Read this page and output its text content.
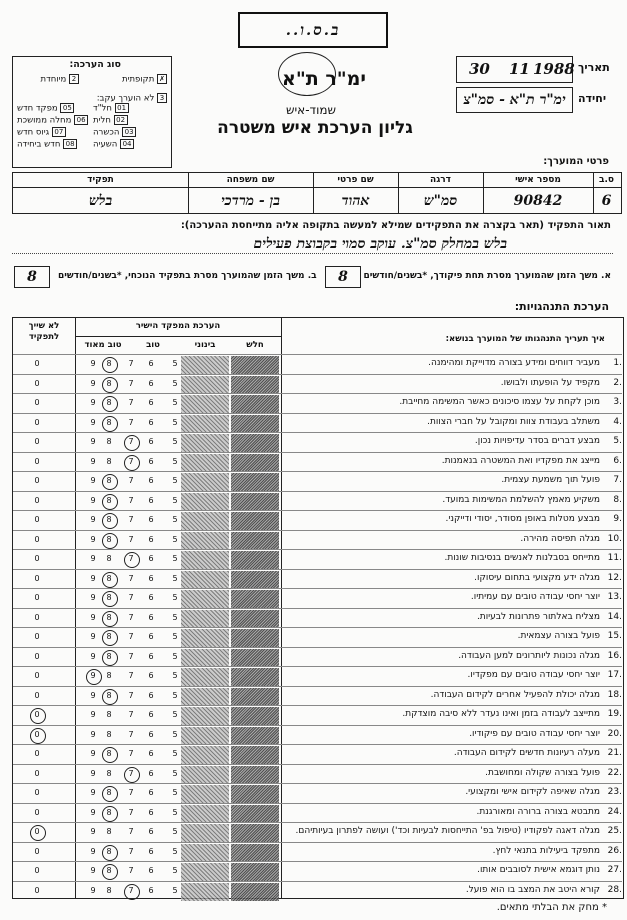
..ב.ס.ו
ימ"ר ת"א
שמוד-איש
תאריך
30 11 1988
יחידה
ימ"ר ת"א - סמ"צ
סוג הערכה:
✗ תקופתית
2 מיוחדת
3 לא הוערך עקב:
01 חל"ד
02 חלית
03 הכשרה
04 השעיה
05 מפקד חדש
06 מחלה ממושכת
07 גיוס חדש
08 חדש ביחידה
גליון הערכת איש משטרה
פרטי המוערך:
ס.ב
6
מספר אישי
90842
דרגה
סמ"ש
שם פרטי
אהוד
שם משפחה
בן - מרדכי
תפקיד
בלש
תאור התפקיד (תאר בקצרה את התפקידים שמילא למעשה בתקופה אליה מתייחסת ההערכה):
בלש במחלק סמ"צ. עוקב סמוי בקבוצת פעילים
א. משך הזמן שהמוערך מסרת תחת פיקודך, *בשנים/חודשים
8
ב. משך הזמן שהמוערך מסרת בתפקיד הנוכחי, *בשנים/חודשים
8
הערכת התנהגויות:
הערכת המפקד הישיר
לא שייך לתפקיד
טוב מאוד	טוב	בינוני	חלש
איך תעריך התנהגותו של המוערך בנושא:
1.
מעביר דווחים ומידע בצורה מדוייקת ומהימנה.
9	8	7	6	5
0
2.
מקפיד על הופעתו ולבושו.
9	8	7	6	5
0
3.
מוכן לקחת על עצמו סיכונים כאשר המשימה מחייבת.
9	8	7	6	5
0
4.
משתלב בעבודת צוות ומקובל על חברי הצוות.
9	8	7	6	5
0
5.
מבצע דברים בסדר עדיפויות נכון.
9	8	7	6	5
0
6.
מייצג את מפקדיו ואת המשטרה בנאמנות.
9	8	7	6	5
0
7.
פועל תוך משמעת עצמית.
9	8	7	6	5
0
8.
משקיע מאמץ להשלמת המשימות במועד.
9	8	7	6	5
0
9.
מבצע מטלות באופן מסודר, יסודי ודייקני.
9	8	7	6	5
0
10.
מגלה תפיסה מהירה.
9	8	7	6	5
0
11.
מתייחס בסבלנות לאנשים בנסיבות שונות.
9	8	7	6	5
0
12.
מגלה ידע מקצועי בתחום עיסוקו.
9	8	7	6	5
0
13.
יוצר יחסי עבודה טובים עם עמיתיו.
9	8	7	6	5
0
14.
מצליח באלתור פתרונות לבעיות.
9	8	7	6	5
0
15.
פועל בצורה עצמאית.
9	8	7	6	5
0
16.
מגלה נכונות ליותרונים למען העבודה.
9	8	7	6	5
0
17.
יוצר יחסי עבודה טובים עם מפקדיו.
9	8	7	6	5
0
18.
מגלה יכולת להפעיל אחרים לקידום העבודה.
9	8	7	6	5
0
19.
מתייצב לעבודה בזמן ואינו נעדר ללא סיבה מוצדקת.
9	8	7	6	5
0
20.
יוצר יחסי עבודה טובים עם פיקודיו.
9	8	7	6	5
0
21.
מעלה רעיונות חדשים לקידום העבודה.
9	8	7	6	5
0
22.
פועל בצורה שקולה ומחושבת.
9	8	7	6	5
0
23.
מגלה שאיפה לקידום אישי ומקצועי.
9	8	7	6	5
0
24.
מתבטא בצורה ברורה ומאורגנת.
9	8	7	6	5
0
25.
מגלה דאגה לפקודיו (טיפול בפ' התייחסות לבעיות וכד') ועושה לפתרון בעיותיהם.
9	8	7	6	5
0
26.
מתפקד ביעילות בתנאי לחץ.
9	8	7	6	5
0
27.
נותן דוגמא אישית לסובבים אותו.
9	8	7	6	5
0
28.
קורא היטב את המצב בו הוא פועל.
9	8	7	6	5
0
* מחק את הבלתי מתאים.
